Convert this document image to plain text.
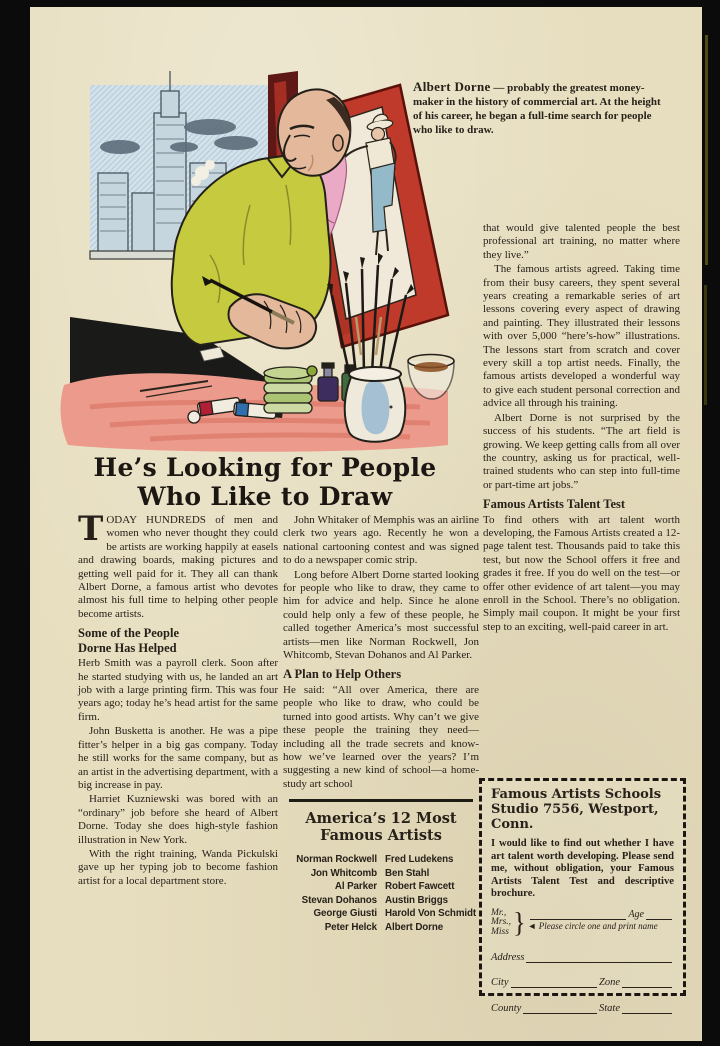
Albert Dorne — probably the greatest money-maker in the history of commercial art. At the height of his career, he began a full-time search for people who like to draw.
He’s Looking for People
Who Like to Draw

TODAY HUNDREDS of men and women who never thought they could be artists are working happily at easels and drawing boards, making pictures and getting well paid for it. They all can thank Albert Dorne, a famous artist who devotes almost his full time to helping other people become artists.

Some of the People
Dorne Has Helped

Herb Smith was a payroll clerk. Soon after he started studying with us, he landed an art job with a large printing firm. This was four years ago; today he’s head artist for the same firm.

John Busketta is another. He was a pipe fitter’s helper in a big gas company. Today he still works for the same company, but as an artist in the advertising department, with a big increase in pay.

Harriet Kuzniewski was bored with an “ordinary” job before she heard of Albert Dorne. Today she does high-style fashion illustration in New York.

With the right training, Wanda Pickulski gave up her typing job to become fashion artist for a local department store.

John Whitaker of Memphis was an airline clerk two years ago. Recently he won a national cartooning contest and was signed to do a newspaper comic strip.

Long before Albert Dorne started looking for people who like to draw, they came to him for advice and help. Since he alone could help only a few of these people, he called together America’s most successful artists—men like Norman Rockwell, Jon Whitcomb, Stevan Dohanos and Al Parker.

A Plan to Help Others

He said: “All over America, there are people who like to draw, who could be turned into good artists. Why can’t we give these people the training they need—including all the trade secrets and know-how we’ve learned over the years? I’m suggesting a new kind of school—a home-study art school

America’s 12 Most
Famous Artists
Norman Rockwell
Jon Whitcomb
Al Parker
Stevan Dohanos
George Giusti
Peter Helck
Fred Ludekens
Ben Stahl
Robert Fawcett
Austin Briggs
Harold Von Schmidt
Albert Dorne

that would give talented people the best professional art training, no matter where they live.”

The famous artists agreed. Taking time from their busy careers, they spent several years creating a remarkable series of art lessons covering every aspect of drawing and painting. They illustrated their lessons with over 5,000 “here’s-how” illustrations. The lessons start from scratch and cover every skill a top artist needs. Finally, the famous artists developed a wonderful way to give each student personal correction and advice all through his training.

Albert Dorne is not surprised by the success of his students. “The art field is growing. We keep getting calls from all over the country, asking us for practical, well-trained students who can step into full-time or part-time art jobs.”

Famous Artists Talent Test

To find others with art talent worth developing, the Famous Artists created a 12-page talent test. Thousands paid to take this test, but now the School offers it free and grades it free. If you do well on the test—or offer other evidence of art talent—you may enroll in the School. There’s no obligation. Simply mail coupon. It might be your first step to an exciting, well-paid career in art.

Famous Artists Schools
Studio 7556, Westport, Conn.

I would like to find out whether I have art talent worth developing. Please send me, without obligation, your Famous Artists Talent Test and descriptive brochure.

Mr.,
Mrs.,
Miss }	Age
◄ Please circle one and print name
Address
City	Zone
County	State
